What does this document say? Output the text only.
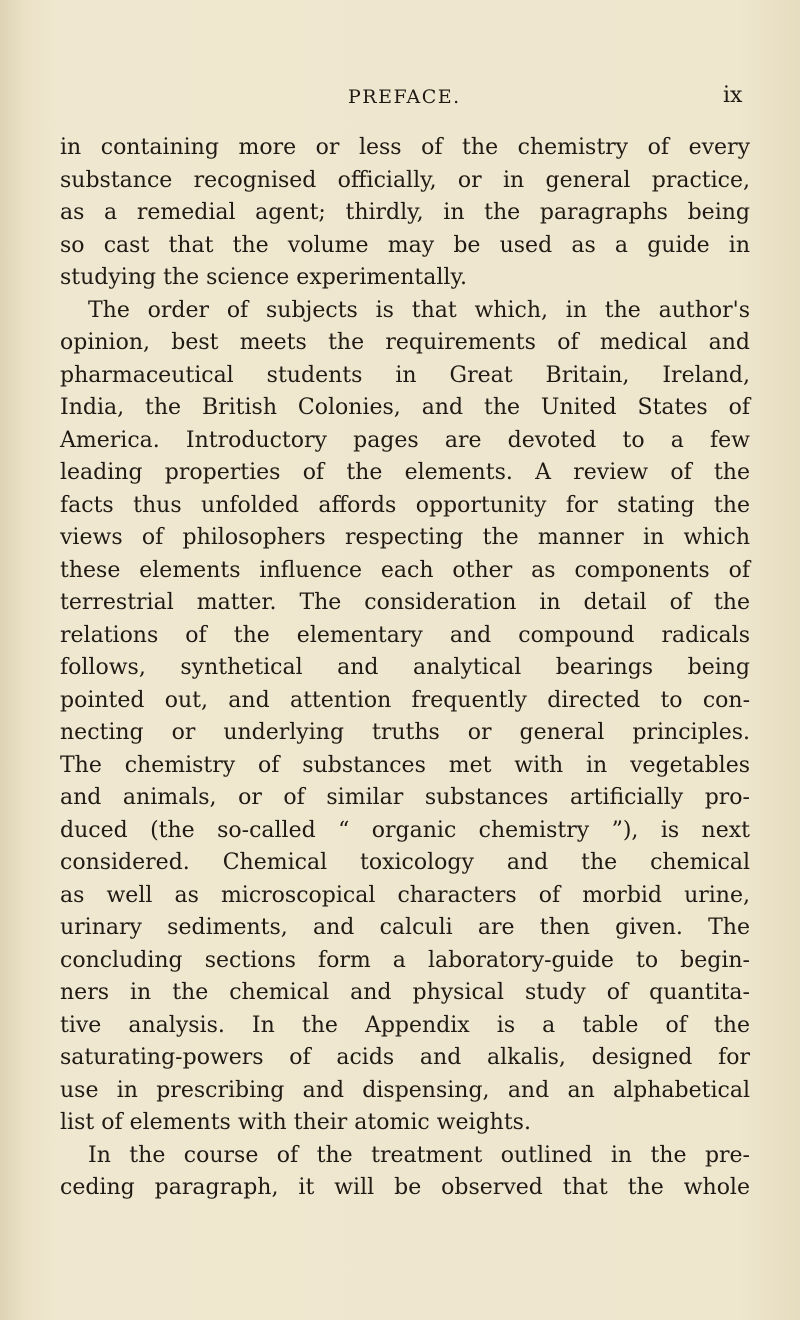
PREFACE.	ix
in containing more or less of the chemistry of every
substance recognised officially, or in general practice,
as a remedial agent; thirdly, in the paragraphs being
so cast that the volume may be used as a guide in
studying the science experimentally.
The order of subjects is that which, in the author's
opinion, best meets the requirements of medical and
pharmaceutical students in Great Britain, Ireland,
India, the British Colonies, and the United States of
America. Introductory pages are devoted to a few
leading properties of the elements. A review of the
facts thus unfolded affords opportunity for stating the
views of philosophers respecting the manner in which
these elements influence each other as components of
terrestrial matter. The consideration in detail of the
relations of the elementary and compound radicals
follows, synthetical and analytical bearings being
pointed out, and attention frequently directed to con-
necting or underlying truths or general principles.
The chemistry of substances met with in vegetables
and animals, or of similar substances artificially pro-
duced (the so-called “ organic chemistry ”), is next
considered. Chemical toxicology and the chemical
as well as microscopical characters of morbid urine,
urinary sediments, and calculi are then given. The
concluding sections form a laboratory-guide to begin-
ners in the chemical and physical study of quantita-
tive analysis. In the Appendix is a table of the
saturating-powers of acids and alkalis, designed for
use in prescribing and dispensing, and an alphabetical
list of elements with their atomic weights.
In the course of the treatment outlined in the pre-
ceding paragraph, it will be observed that the whole
